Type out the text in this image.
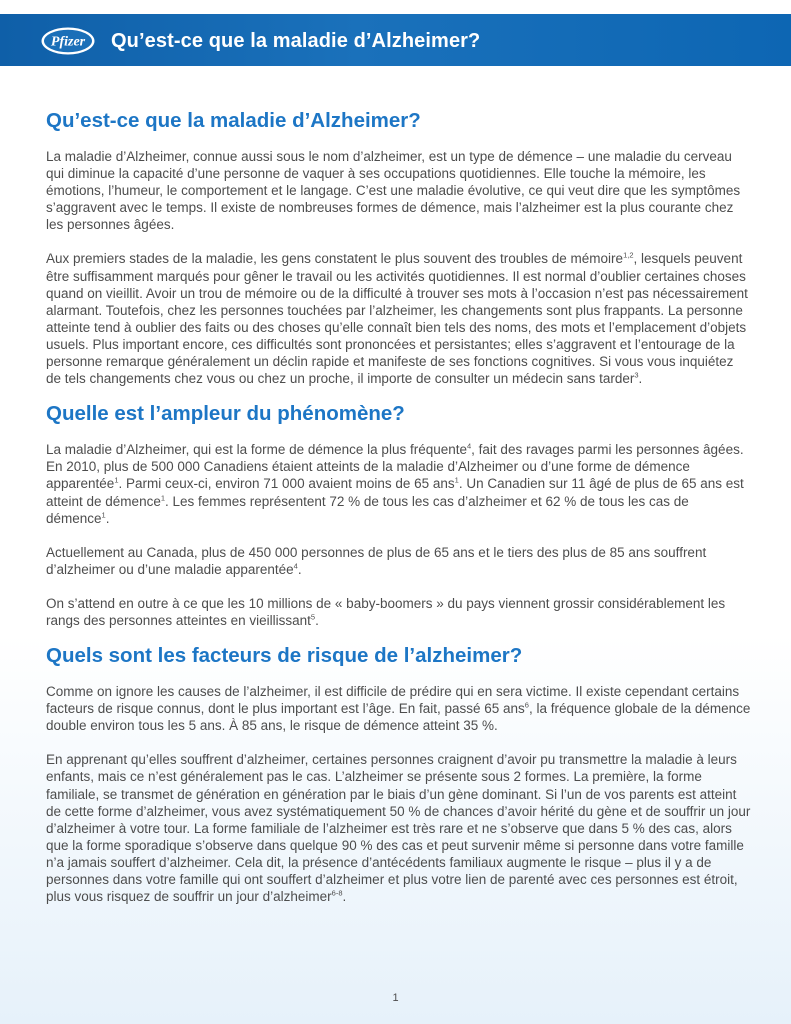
Pfizer Qu’est-ce que la maladie d’Alzheimer?
Qu’est-ce que la maladie d’Alzheimer?

La maladie d’Alzheimer, connue aussi sous le nom d’alzheimer, est un type de démence – une maladie du cerveau qui diminue la capacité d’une personne de vaquer à ses occupations quotidiennes. Elle touche la mémoire, les émotions, l’humeur, le comportement et le langage. C’est une maladie évolutive, ce qui veut dire que les symptômes s’aggravent avec le temps. Il existe de nombreuses formes de démence, mais l’alzheimer est la plus courante chez les personnes âgées.

Aux premiers stades de la maladie, les gens constatent le plus souvent des troubles de mémoire$^{1,2}$, lesquels peuvent être suffisamment marqués pour gêner le travail ou les activités quotidiennes. Il est normal d’oublier certaines choses quand on vieillit. Avoir un trou de mémoire ou de la difficulté à trouver ses mots à l’occasion n’est pas nécessairement alarmant. Toutefois, chez les personnes touchées par l’alzheimer, les changements sont plus frappants. La personne atteinte tend à oublier des faits ou des choses qu’elle connaît bien tels des noms, des mots et l’emplacement d’objets usuels. Plus important encore, ces difficultés sont prononcées et persistantes; elles s’aggravent et l’entourage de la personne remarque généralement un déclin rapide et manifeste de ses fonctions cognitives. Si vous vous inquiétez de tels changements chez vous ou chez un proche, il importe de consulter un médecin sans tarder$^3$.

Quelle est l’ampleur du phénomène?

La maladie d’Alzheimer, qui est la forme de démence la plus fréquente$^4$, fait des ravages parmi les personnes âgées. En 2010, plus de 500 000 Canadiens étaient atteints de la maladie d’Alzheimer ou d’une forme de démence apparentée$^1$. Parmi ceux-ci, environ 71 000 avaient moins de 65 ans$^1$. Un Canadien sur 11 âgé de plus de 65 ans est atteint de démence$^1$. Les femmes représentent 72 % de tous les cas d’alzheimer et 62 % de tous les cas de démence$^1$.

Actuellement au Canada, plus de 450 000 personnes de plus de 65 ans et le tiers des plus de 85 ans souffrent d’alzheimer ou d’une maladie apparentée$^4$.

On s’attend en outre à ce que les 10 millions de « baby-boomers » du pays viennent grossir considérablement les rangs des personnes atteintes en vieillissant$^5$.

Quels sont les facteurs de risque de l’alzheimer?

Comme on ignore les causes de l’alzheimer, il est difficile de prédire qui en sera victime. Il existe cependant certains facteurs de risque connus, dont le plus important est l’âge. En fait, passé 65 ans$^6$, la fréquence globale de la démence double environ tous les 5 ans. À 85 ans, le risque de démence atteint 35 %.

En apprenant qu’elles souffrent d’alzheimer, certaines personnes craignent d’avoir pu transmettre la maladie à leurs enfants, mais ce n’est généralement pas le cas. L’alzheimer se présente sous 2 formes. La première, la forme familiale, se transmet de génération en génération par le biais d’un gène dominant. Si l’un de vos parents est atteint de cette forme d’alzheimer, vous avez systématiquement 50 % de chances d’avoir hérité du gène et de souffrir un jour d’alzheimer à votre tour. La forme familiale de l’alzheimer est très rare et ne s’observe que dans 5 % des cas, alors que la forme sporadique s’observe dans quelque 90 % des cas et peut survenir même si personne dans votre famille n’a jamais souffert d’alzheimer. Cela dit, la présence d’antécédents familiaux augmente le risque – plus il y a de personnes dans votre famille qui ont souffert d’alzheimer et plus votre lien de parenté avec ces personnes est étroit, plus vous risquez de souffrir un jour d’alzheimer$^{6-8}$.

1
